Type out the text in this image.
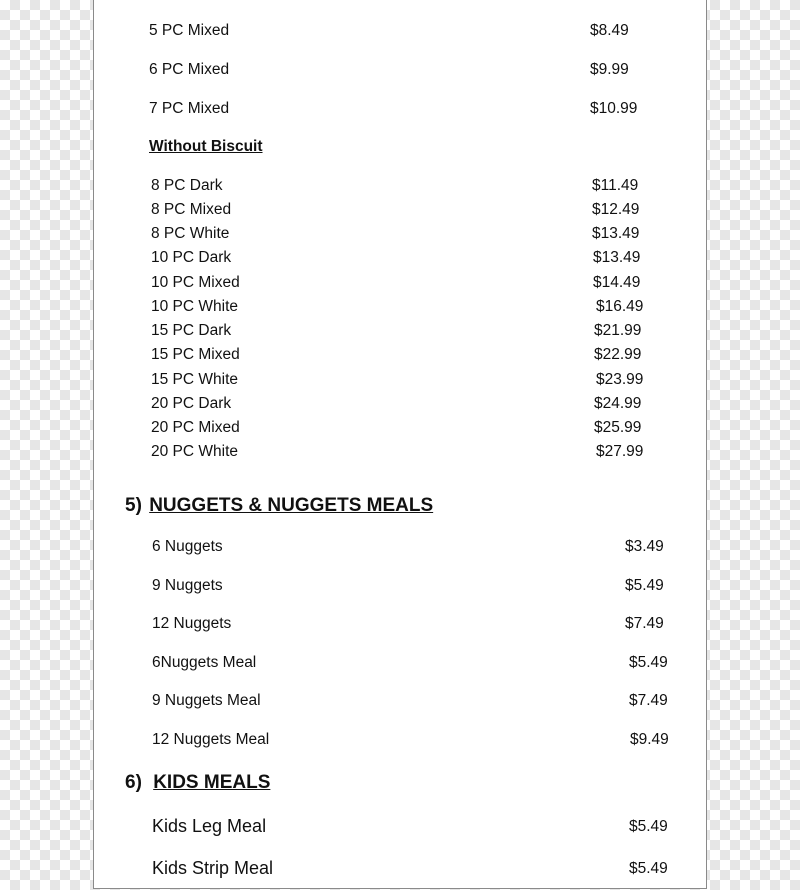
5 PC Mixed	$8.49
6 PC Mixed	$9.99
7 PC Mixed	$10.99
Without Biscuit
8 PC Dark	$11.49
8 PC Mixed	$12.49
8 PC White	$13.49
10 PC Dark	$13.49
10 PC Mixed	$14.49
10 PC White	$16.49
15 PC Dark	$21.99
15 PC Mixed	$22.99
15 PC White	$23.99
20 PC Dark	$24.99
20 PC Mixed	$25.99
20 PC White	$27.99
5) NUGGETS & NUGGETS MEALS
6 Nuggets	$3.49
9 Nuggets	$5.49
12 Nuggets	$7.49
6Nuggets Meal	$5.49
9 Nuggets Meal	$7.49
12 Nuggets Meal	$9.49
6) KIDS MEALS
Kids Leg Meal	$5.49
Kids Strip Meal	$5.49
